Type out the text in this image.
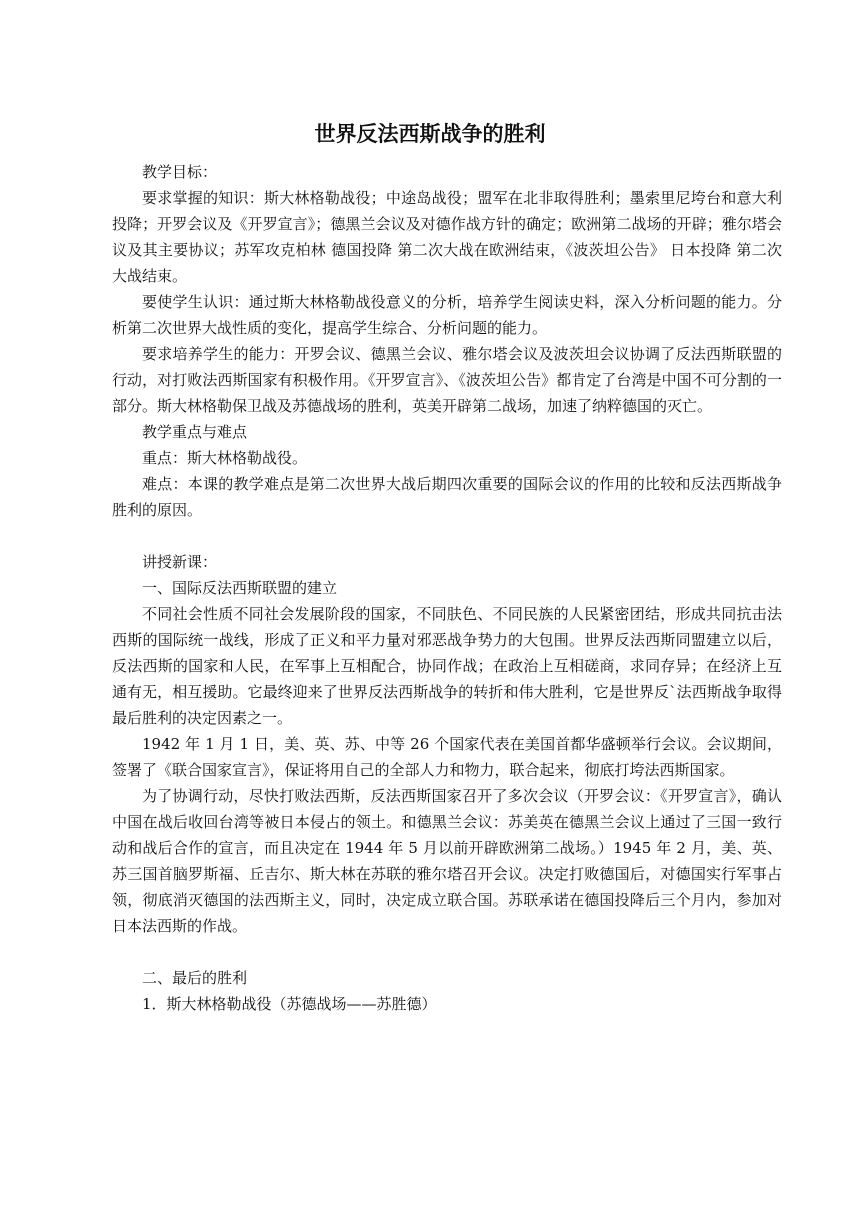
世界反法西斯战争的胜利

教学目标：

要求掌握的知识：斯大林格勒战役；中途岛战役；盟军在北非取得胜利；墨索里尼垮台和意大利投降；开罗会议及《开罗宣言》；德黑兰会议及对德作战方针的确定；欧洲第二战场的开辟；雅尔塔会议及其主要协议；苏军攻克柏林 德国投降 第二次大战在欧洲结束，《波茨坦公告》 日本投降 第二次大战结束。

要使学生认识：通过斯大林格勒战役意义的分析，培养学生阅读史料，深入分析问题的能力。分析第二次世界大战性质的变化，提高学生综合、分析问题的能力。

要求培养学生的能力：开罗会议、德黑兰会议、雅尔塔会议及波茨坦会议协调了反法西斯联盟的行动，对打败法西斯国家有积极作用。《开罗宣言》、《波茨坦公告》都肯定了台湾是中国不可分割的一部分。斯大林格勒保卫战及苏德战场的胜利，英美开辟第二战场，加速了纳粹德国的灭亡。

教学重点与难点

重点：斯大林格勒战役。

难点：本课的教学难点是第二次世界大战后期四次重要的国际会议的作用的比较和反法西斯战争胜利的原因。

讲授新课：

一、国际反法西斯联盟的建立

不同社会性质不同社会发展阶段的国家，不同肤色、不同民族的人民紧密团结，形成共同抗击法西斯的国际统一战线，形成了正义和平力量对邪恶战争势力的大包围。世界反法西斯同盟建立以后，反法西斯的国家和人民，在军事上互相配合，协同作战；在政治上互相磋商，求同存异；在经济上互通有无，相互援助。它最终迎来了世界反法西斯战争的转折和伟大胜利，它是世界反`法西斯战争取得最后胜利的决定因素之一。

1942 年 1 月 1 日，美、英、苏、中等 26 个国家代表在美国首都华盛顿举行会议。会议期间，签署了《联合国家宣言》，保证将用自己的全部人力和物力，联合起来，彻底打垮法西斯国家。

为了协调行动，尽快打败法西斯，反法西斯国家召开了多次会议（开罗会议：《开罗宣言》，确认中国在战后收回台湾等被日本侵占的领土。和德黑兰会议：苏美英在德黑兰会议上通过了三国一致行动和战后合作的宣言，而且决定在 1944 年 5 月以前开辟欧洲第二战场。）1945 年 2 月，美、英、苏三国首脑罗斯福、丘吉尔、斯大林在苏联的雅尔塔召开会议。决定打败德国后，对德国实行军事占领，彻底消灭德国的法西斯主义，同时，决定成立联合国。苏联承诺在德国投降后三个月内，参加对日本法西斯的作战。

二、最后的胜利

1．斯大林格勒战役（苏德战场——苏胜德）
